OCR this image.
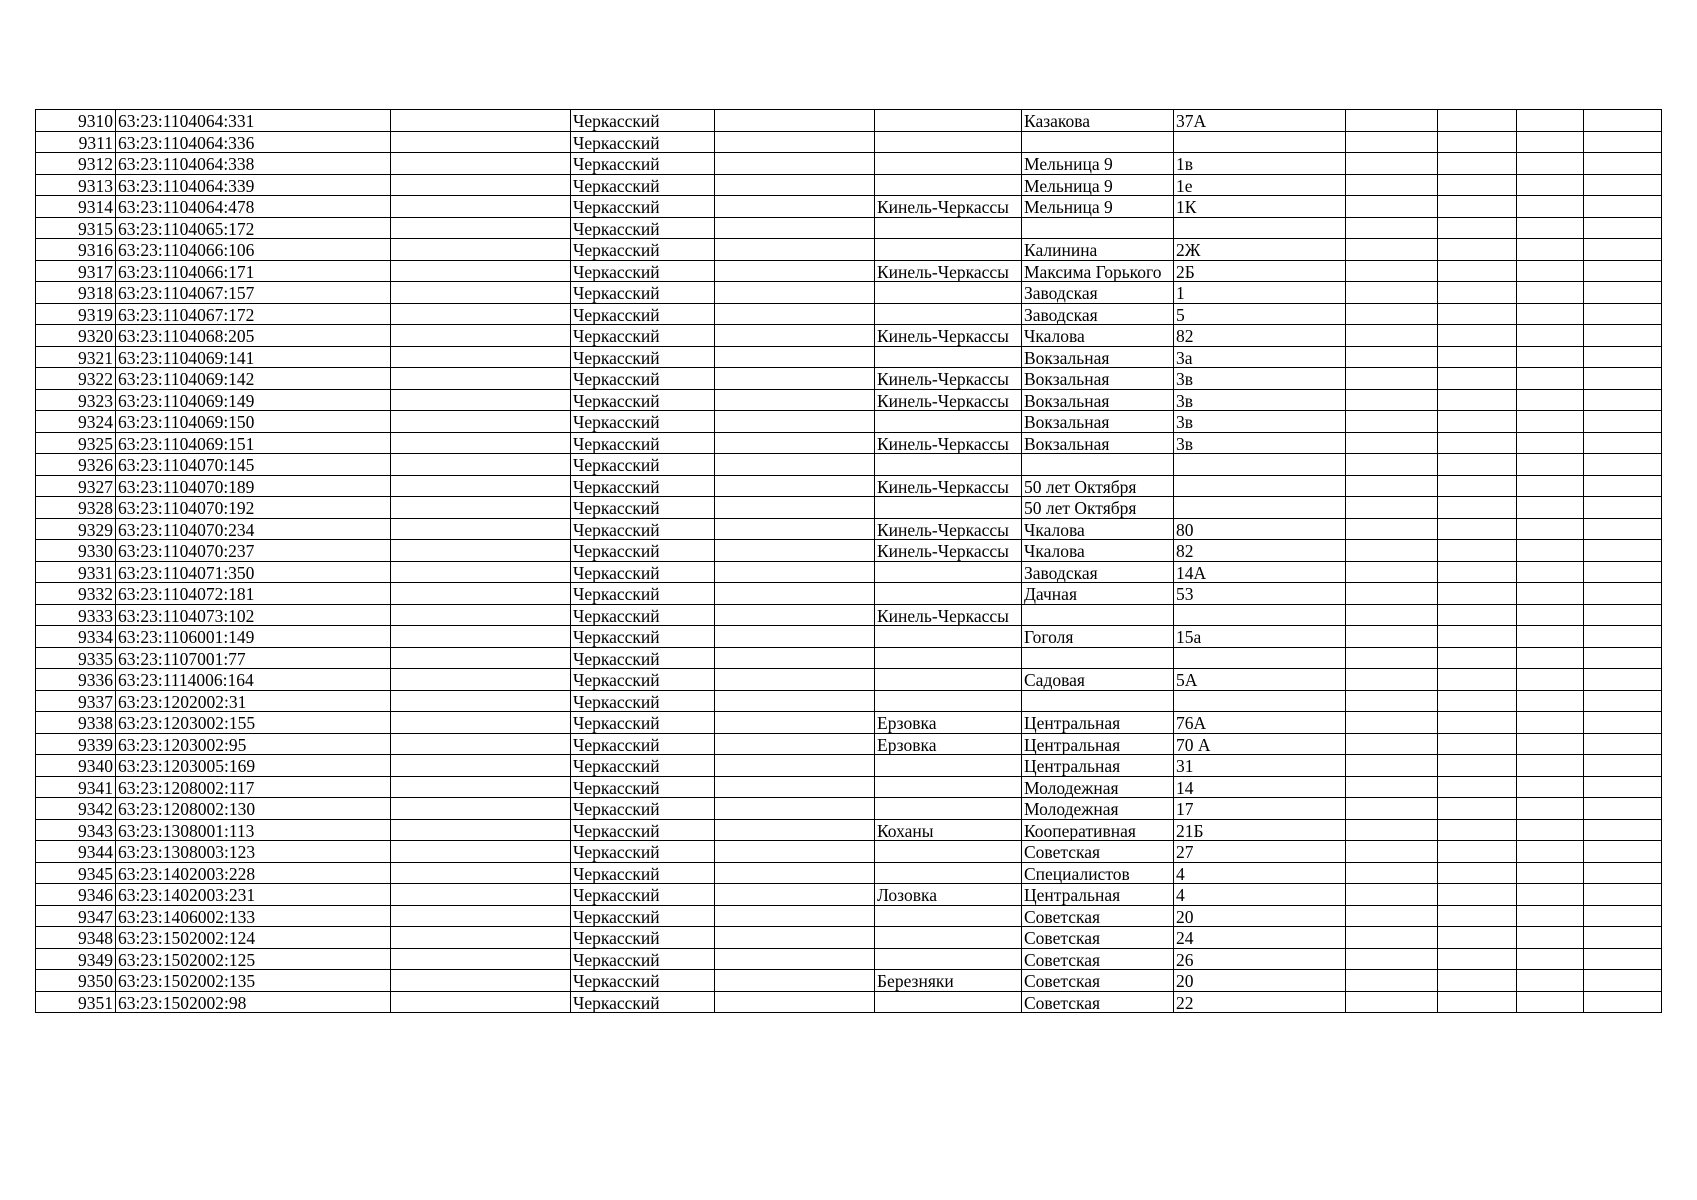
9310	63:23:1104064:331		Черкасский			Казакова	37А				
9311	63:23:1104064:336		Черкасский								
9312	63:23:1104064:338		Черкасский			Мельница 9	1в				
9313	63:23:1104064:339		Черкасский			Мельница 9	1е				
9314	63:23:1104064:478		Черкасский		Кинель-Черкассы	Мельница 9	1К				
9315	63:23:1104065:172		Черкасский								
9316	63:23:1104066:106		Черкасский			Калинина	2Ж				
9317	63:23:1104066:171		Черкасский		Кинель-Черкассы	Максима Горького	2Б				
9318	63:23:1104067:157		Черкасский			Заводская	1				
9319	63:23:1104067:172		Черкасский			Заводская	5				
9320	63:23:1104068:205		Черкасский		Кинель-Черкассы	Чкалова	82				
9321	63:23:1104069:141		Черкасский			Вокзальная	3а				
9322	63:23:1104069:142		Черкасский		Кинель-Черкассы	Вокзальная	3в				
9323	63:23:1104069:149		Черкасский		Кинель-Черкассы	Вокзальная	3в				
9324	63:23:1104069:150		Черкасский			Вокзальная	3в				
9325	63:23:1104069:151		Черкасский		Кинель-Черкассы	Вокзальная	3в				
9326	63:23:1104070:145		Черкасский								
9327	63:23:1104070:189		Черкасский		Кинель-Черкассы	50 лет Октября					
9328	63:23:1104070:192		Черкасский			50 лет Октября					
9329	63:23:1104070:234		Черкасский		Кинель-Черкассы	Чкалова	80				
9330	63:23:1104070:237		Черкасский		Кинель-Черкассы	Чкалова	82				
9331	63:23:1104071:350		Черкасский			Заводская	14А				
9332	63:23:1104072:181		Черкасский			Дачная	53				
9333	63:23:1104073:102		Черкасский		Кинель-Черкассы						
9334	63:23:1106001:149		Черкасский			Гоголя	15а				
9335	63:23:1107001:77		Черкасский								
9336	63:23:1114006:164		Черкасский			Садовая	5А				
9337	63:23:1202002:31		Черкасский								
9338	63:23:1203002:155		Черкасский		Ерзовка	Центральная	76А				
9339	63:23:1203002:95		Черкасский		Ерзовка	Центральная	70 А				
9340	63:23:1203005:169		Черкасский			Центральная	31				
9341	63:23:1208002:117		Черкасский			Молодежная	14				
9342	63:23:1208002:130		Черкасский			Молодежная	17				
9343	63:23:1308001:113		Черкасский		Коханы	Кооперативная	21Б				
9344	63:23:1308003:123		Черкасский			Советская	27				
9345	63:23:1402003:228		Черкасский			Специалистов	4				
9346	63:23:1402003:231		Черкасский		Лозовка	Центральная	4				
9347	63:23:1406002:133		Черкасский			Советская	20				
9348	63:23:1502002:124		Черкасский			Советская	24				
9349	63:23:1502002:125		Черкасский			Советская	26				
9350	63:23:1502002:135		Черкасский		Березняки	Советская	20				
9351	63:23:1502002:98		Черкасский			Советская	22				
